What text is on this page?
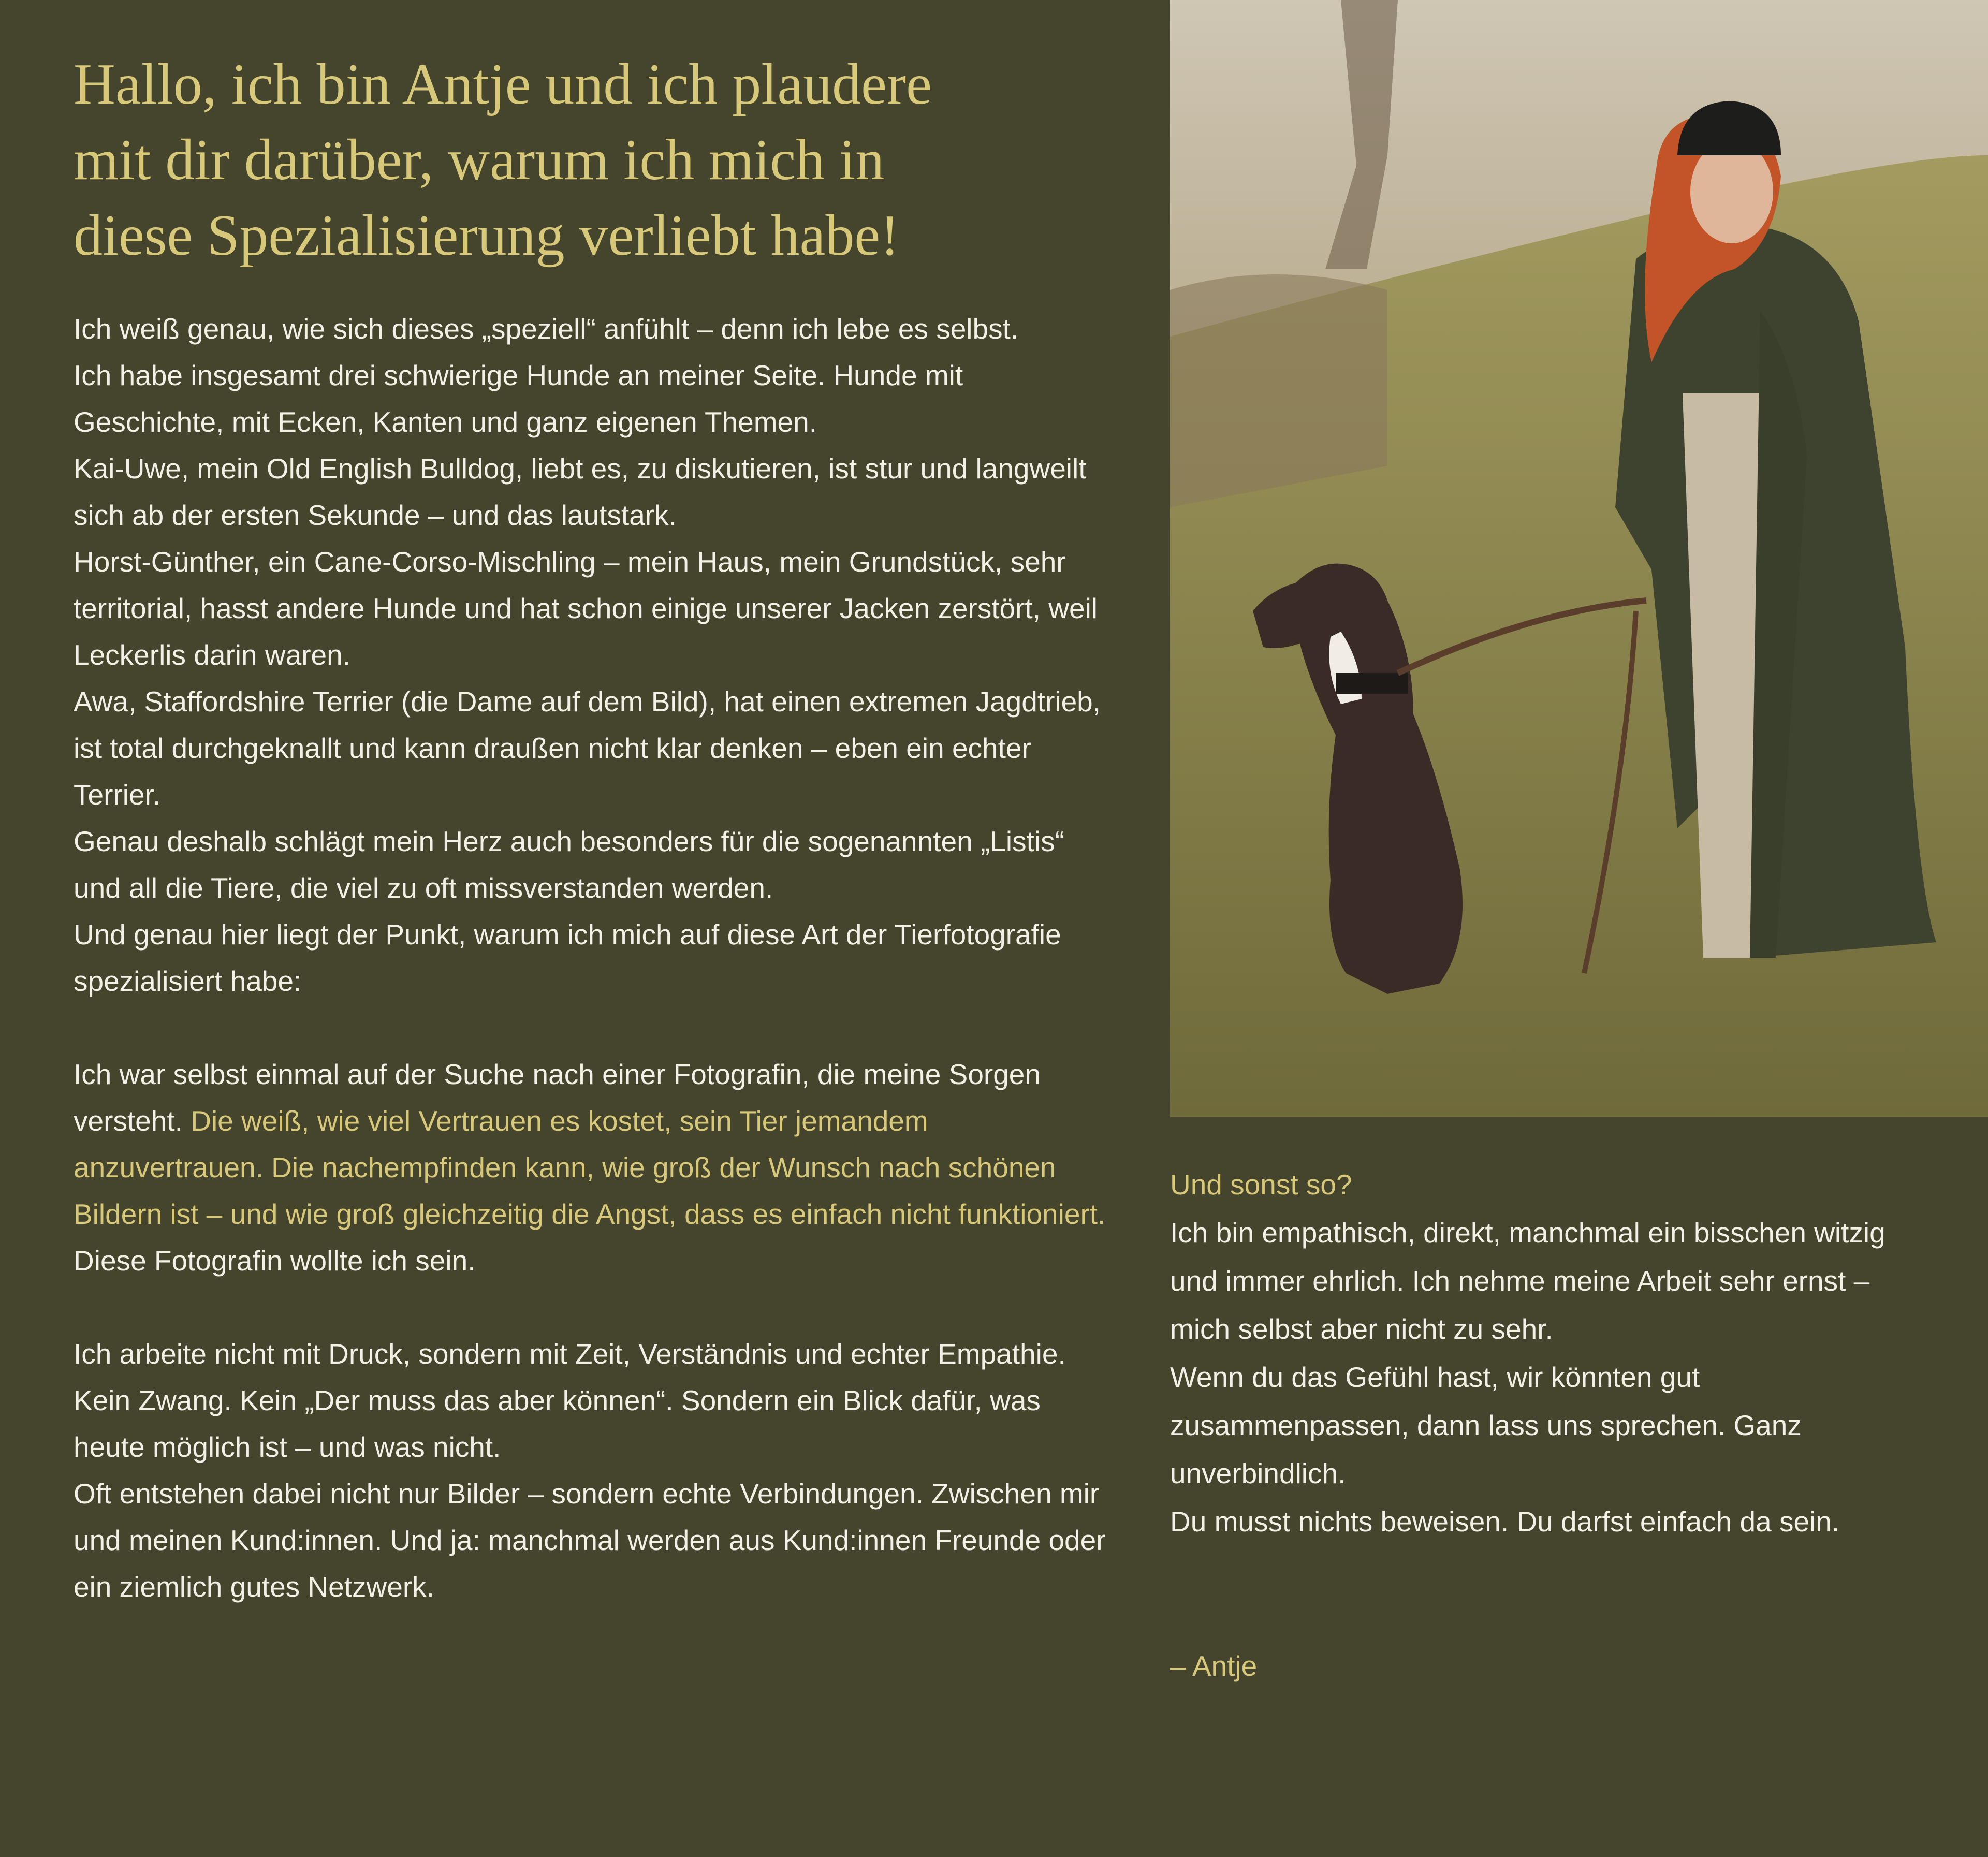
Hallo, ich bin Antje und ich plaudere mit dir darüber, warum ich mich in diese Spezialisierung verliebt habe!

Ich weiß genau, wie sich dieses „speziell“ anfühlt – denn ich lebe es selbst.

Ich habe insgesamt drei schwierige Hunde an meiner Seite. Hunde mit Geschichte, mit Ecken, Kanten und ganz eigenen Themen.

Kai-Uwe, mein Old English Bulldog, liebt es, zu diskutieren, ist stur und langweilt sich ab der ersten Sekunde – und das lautstark.

Horst-Günther, ein Cane-Corso-Mischling – mein Haus, mein Grundstück, sehr territorial, hasst andere Hunde und hat schon einige unserer Jacken zerstört, weil Leckerlis darin waren.

Awa, Staffordshire Terrier (die Dame auf dem Bild), hat einen extremen Jagdtrieb, ist total durchgeknallt und kann draußen nicht klar denken – eben ein echter Terrier.

Genau deshalb schlägt mein Herz auch besonders für die sogenannten „Listis“ und all die Tiere, die viel zu oft missverstanden werden.

Und genau hier liegt der Punkt, warum ich mich auf diese Art der Tierfotografie spezialisiert habe:

Ich war selbst einmal auf der Suche nach einer Fotografin, die meine Sorgen versteht. Die weiß, wie viel Vertrauen es kostet, sein Tier jemandem anzuvertrauen. Die nachempfinden kann, wie groß der Wunsch nach schönen Bildern ist – und wie groß gleichzeitig die Angst, dass es einfach nicht funktioniert.

Diese Fotografin wollte ich sein.

Ich arbeite nicht mit Druck, sondern mit Zeit, Verständnis und echter Empathie. Kein Zwang. Kein „Der muss das aber können“. Sondern ein Blick dafür, was heute möglich ist – und was nicht.

Oft entstehen dabei nicht nur Bilder – sondern echte Verbindungen. Zwischen mir und meinen Kund:innen. Und ja: manchmal werden aus Kund:innen Freunde oder ein ziemlich gutes Netzwerk.

Und sonst so?

Ich bin empathisch, direkt, manchmal ein bisschen witzig und immer ehrlich. Ich nehme meine Arbeit sehr ernst – mich selbst aber nicht zu sehr.

Wenn du das Gefühl hast, wir könnten gut zusammenpassen, dann lass uns sprechen. Ganz unverbindlich.

Du musst nichts beweisen. Du darfst einfach da sein.

– Antje
